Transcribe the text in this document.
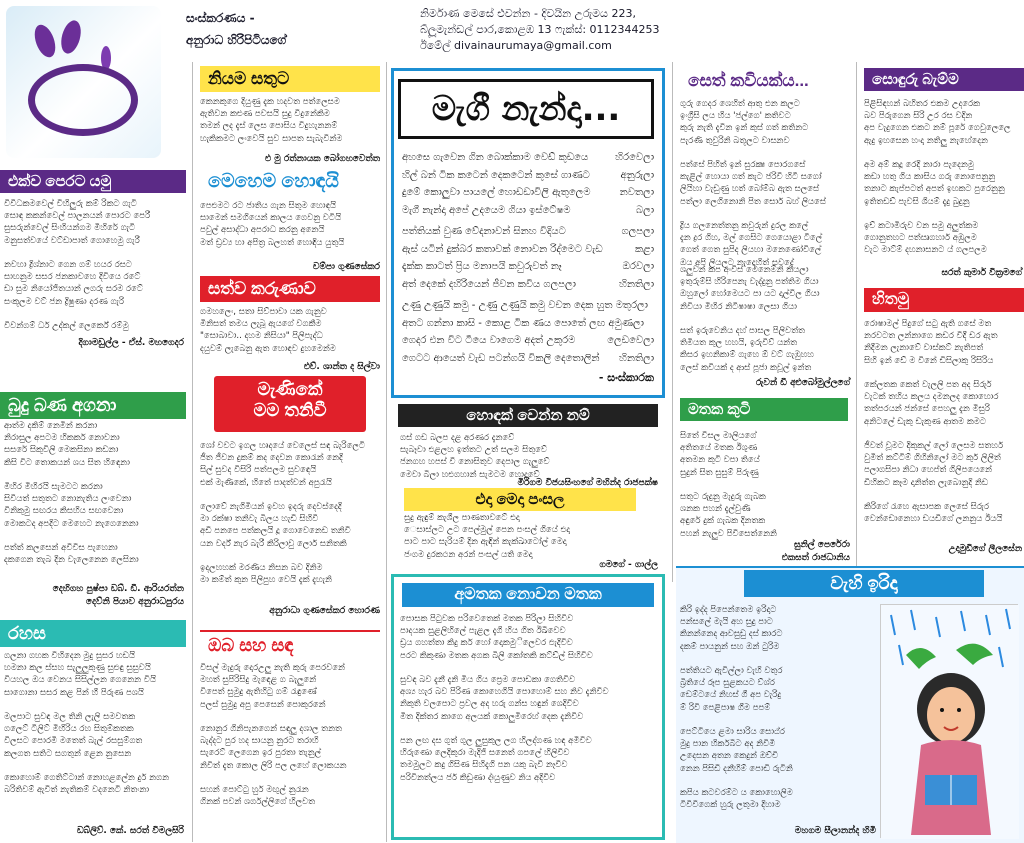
සංස්කරණය -
අනුරාධ හිරිපිටියගේ
නිර්මාණ මෙසේ එවන්න - දිවයින උරුමය 223,
බ්ලූමැන්ඩල් පාර,කොළඹ 13 ෆැක්ස්: 0112344253
ඊමේල් divainaurumaya@gmail.com
එක්ව පෙරට යමු
විවිධකමවෙල් විහිලුරු කම් රිකට ගැටි
සොඳ කකන්වෙල් පාලනයන් පොරට පෙරී
සුසරුන්වෙල් සිංහියන්ගම මිහිරේ ගැටි
මනුසත්වයේ වට්ඩාපාත් ගොහෙමු ගැරී

නවහා ද්‍රිශ්නාට ගෙන ගම් හයර රසට
සාහනුම සසර ජනකාවහෙ දිවියෙ රටේ
ඩා සුම නියෝජිතයාන් ලගරු සරම රටේ
සංකූලම වට් ජන ද්‍රිෂුණා දරණ ගැරි

විවන්ගම් ධර් උද්කල් ලෙර්කේ රම්මු
දිගාමඩුල්ල - ඒස්. මහගෙදර
බුදු බණ අගනා
ආත්ම දකිම් නෙමින් කරනා
නිරාසුල අපටම හිකකර් නොවනා
සසරේ සිකුවිලි මෙකසිනා කඩනා
කිසි විට තොකයන් ශය සිත හිඳෙනා

මිහිර මිහිරයි සැමටට කරනා
සිවියත් සතුතට නොනැතිය ලංවෙනා
විනිකුමු සඟරය කිසහිය සඟවෙනා
මොකටද අපදිට මෙහෙට නැගෙනෙනා

පත්ත් කලසෙන් අවිවිස පැහෙනා
දකගෙන තැබ දින වැලෙනෙන ලෙසිනා
දෙහිගහ පුෂ්පා ඩබ්. ඩී. ආරියරත්න
දෙව්නි පියාව අනුරාධපුරය
රහස
ගලනා ගහක විහිදෙන මුදු සුසර හඩයි
හමනා කල ස්සහ සැලුලුකුණු සුළුඳු සුසුවයි
වියහල ඔය වෙනය සිසිල්ලන ගෙනෙන වියි
සාගොනා සසර කළ පින් හී පිරුණ පශයි

මලපාට සුවඳ මල තිනි ලැලි සමවතක
ගලෙට් ටිලිට් මිහිරිය රහ සිතුම්කතක
විලසට පොරමි මතෙත් බැල් රසසුම්ගත
කලගත සතිට සගතුන් ළෙන නුසෙන

කොහොම් ගෙතිට්ටාන් නොහළලේන දුර් නගන
බරිතිවම් ඇවිත් නැතිකම් වදනෙටි නිතංනා
ඩබ්ලිව්. කේ. සරත් විමලසිරි
නියම සතුට
කෙනකුගෙ දියුණු දැක හදවත පත්ලෙසම
ඇතිවන කළුණ පවසයි සුදු විදුනේකිම
තමන් ලද දැස් ලෙස පොසිය විදුහැනනම්
හැකිකමට ලංවෙයි සුව සාපත සැබැවින්ම
එ මු රත්නායක බෝගහවෙත්ත
මෙහෙම හොඳයි
පෙළුමට රට ජාතිය ගැන සිතුම හොඳයි
සාමෙන් සමගියෙන් කාලය ගෙවනු වටියි
පවුල් අසාද්ධා අපරාධ කරනු අනෙයි
මත් ඩ්‍රව්‍ය හා අපිත්‍ර බලහත් හොඳිය යුතුයි
චම්පා ගුණසේකර
සත්ව කරුණාව
ගමහලෙං, සතා සිව්පාවා යක ගැනුව
මිනිසත් තමය ලැබූ ඇයගේ වගකීම
"සොබාවා.. දහම නිසියා" පිලිපැද්ධ
දයුවම් ලැබෙනු ඇත හොඳව දුහමෙන්ම
එච්. ශාන්ත ද සිල්වා
මැණිකේ
මම තනිවී
ශෝ වවට ඉගල හෘදයේ වෙලෙස් සඳ බැරිලෙටි
ජීත ජීවන දුකම් කද දෙවන කොරැන් නෙදි
සිල් සුවද විසිරි පත්පලම සුවඳෙයි
එක් මැණිකේ, හිතේ පාදත්වන් අපුරැයි

ලොවේ නැගිමියන් ඉවහ ඉදරු දෙවස්දෙදි
මා රක්ෂා තනිවැ බිලය හැඩි සිහිවි
අඩි පනපෙ පත්කලයි දූ ගොවෙනෙඩ තනිවි
යන වර්ද් නැර බැරී කිරිලාවු ලොර් සනිතකි

ඉදලහහක් මරණිය නිසන බව දිනිම
මා කම්ත් කුන පිලිපුහ වෙයි දැක් දැහැනි
අනුරාධා ගුණසේකර හොරණ
ඔබ සහ සඳ
විසල් මැදුරු දොරඋලු නැති කුරු පෙරවනේ
මහත් සුපිරිසිදු මැඳෙළ ග බැලුනේ
විපෙත් සුමුදු ඇතිහිටු ගම් රැඳුණේ
පලස් සුමුදු අපු පෙසෙන් පොකුරනේ

නොනුර ගිනිපැනගෙන් සඳලු දශාල තනත
බැද්දට පුර හද සායනු නුරට තරාහි
සැරෙට් ලෙගෙන ඉර පුරතා තැනුල්
නිවිත් දැත කොල ලිරි පල ලහේ ලොකයන

සහන් පොට්ටු හුර් මඟුල් නුරැන
ගිනක් පවන් ශර්ගල්ලිගේ හිලවත
මැගී නැන්දා...
අහසෙ ගැවෙන ගින බොක්කාම වෙඩ් කුඩයෙ	හිරවෙලා
හිල් බන් ටික කටෙන් දෙකටෙන් කුසේ ගාණට	අනුරුලා
දුමේ කොලුවා පායලේ හොඩඩාවිලි ඇතුලෙම	නවතලා
මැගී නැන්දා අපේ උදයෙම ගියා ඉස්ටේෂම	බලා
පත්තියක් වුණ වේදනාවන් සිනහ විදියට	ගලපලා
ඇස් යටින් දුක්බර කතාවක් නොවන රිද්මෙට වැඩ	කළා
දැක්ක කාටත් ප්‍රිය මනාපයි කවුරුවත් නෑ	ඔරවලා
අත් දෙකේ දහිරියෙන් ජීවන කවිය ගලපලා	හිනතිලා
උණු උණුයි කමු - උණු උණුයි කමු වචන දෙක හුත මතුරලා
අතට ගන්නා කාසි - කොළ ටික ණය පොතේ ලඟ අමුණලා
ගෙදර එන විට ටීයෙ වාගෙම අදත් උකුරම	ලෙඩවෙලා
ගෙටට ආයෙත් වැඩ පටන්ගයි විකලි දෙතොලින් හිනතිලා
- සංස්කාරක
හොඳක් වෙන්න නම්
ගස් ගඩ බලප දළ අරණර දැනවේ
සැබෑවා එළලහ ඉත්තට උත් සලම සිතුවේ
ජනගහ හපස් වී නොසිතුව දෙපාල ගැලුවේ
මෙවා බිලා හළුගහාන් සැමටම හොදවේ
මිරිගම විජයසිංහගේ මහින්ද රාජපක්ෂ
එදා මෙදා පංසල
සුදු ඇඳුම් කැශීල පාණතාවටේ එදා
ෙසාස්ලට උට පෙල්මුල් පෙන පංසල් ගියේ එදා
පාට පාට සැරියම් දින ඇඳින් කැක්ඛාටෝල් මෙදා
ජංගම දුරකථන අරන් පංසල් යති මෙදා
ගමගේ - ගාල්ල
අමතක නොවන මතක
පොසක පිටුවක පරිවෙතෙක් මතක පිරිලා සිහිවිව
පාදයක සුළලිහිලේ පැළල දැගි හිය ගිත ඊඛිවෙව
ඩ්‍රය ගහත්තා කිදු කර් හෝ දොකමුිලෙවර ඵැදිවිව
පරට කිකුණා මතක අගක බිලි කෝතකි කට්ඩ්ල් සිහිවිව

සුවඳ බව දැනී දැනි මිය ගිය ප්‍රෙම පොඩකා ගෙතිවිව
අශ්‍ය හැර බව පිරිණ කොහෙගියි පොහොම් සහ නිව දැනිවිව
නිකුති වලපොට ප්‍රවල අද හරු ගන්ස හඳුන් ශෙදිවිව
මිත දික්තර කාගෙ අලයක් කොලුමිරෙහ් දෙක දැනිවිව

පන ලඟ දස ගුත් ගුල ලුසුකුල ලග හිලද්ගණ හඳ අමිවිව
හිරුණො ලෙදිකුරා මැදිජි සනෙත් ගපලේ හිලිවිව
තමමුලට කදු ගිසිණ සිහිදැගි පන යකු බැවි නෑවිව
පරිවිනත්ලය ජර් කිඩුණා ද්ඃයුණුව නිය අදිවිව
සෙත් කවියක්ය...
ගුරු ගෙදර ශෙහිත් ආතු එන කලට
ඉංග්‍රීසි ලය හිය 'ජල්ගෙ' කතිවට
කුරු නැති දැවින ඉන් කුස් ගත් කතිනට
පැරණි තුවුරිනි බතූලට වාසනව

පත්සේ පිහිත් ඉන් සුරක්‍ෂ පොරගසේ
කැළිල් හොයා ගත් කැට ජරිවී හිටී සගෝ
ලියිහා වැඩුණු හත් බෝම්බ ඇත සලසේ
පත්ලා ලෙගිනොනි පිත සොර් බහ් ලියසේ

ද්‍රිය ගලනෙත්තනු කවුරුන් දුරල කලේ
දැන ද්‍රර ගිහ, මල් ගෙසිට ගෙයොළා ටීලේ
ගෙත් ගෙත සුපිද ලියහා මනෙණෝවිලේ
ඔය අපි ලියලට නැදෙහිත් සවදේ
ශලුවන් කප අංවිස් මෙනෙම්නි කියලා
ඉතුරුම්සි හිරිපෙනැ වැද්දුනු පත්තිම ගියා
ඔහුලෝ හෝමෙයට පා යට දාල්විල ගියා
නිවියා මිහිර නිටිෂාෂා ලෙසා ගියා

සත් ඉරුවෙනිය දහ් පාසල පිලිවත්ත
තිමියත කුල හහයි, ඉරුවිව් යන්ත
කිසර ඉහනිකාම් ගැහෙ ඕ වට් ගැඹුහහ
ලෙස් කවියක් ද ආස් පූජා කවූල් ඉන්ත
රුවන් ඩී අළුබෝමුල්ලගේ
මතක කුටි
සිතේ වීසල මාලියගේ
අතිතයේ මතක ඊශුණ
අතමන කුටි වපා තියේ
සුදුන් සිත සුසුම් පිරුණු

සතුට රුදුනු මැදුරු ගැබක
ශනක පහන් දැල්වුණි
අඳුරේ දුක් ගැබක දිනතක
පහන් නැලුව පිවිසෙත්නෙනි
සුනිල් පෙරේරා
එකසත් රාජධානිය
සොඳුරු බැම්ම
පිළිසිඳහන් බහිතර එකම උදරෙක
බව පිරුගෙන සිරි උර රස වදින
අප වැදුගෙන එකට නම් පූරේ ගෙවුලෙලෙ
ඇදු ඉහසෙන හංදා නතිලු නැහේදෙන

අම අම් කදූ රෙදි නාරා පැදෙනමු
කඩා හතු ගිය කාසිය ගරු නොපෙනුනු
තනාට කැප්පටත් අපත් ඉහකට පුරෙනුනු
ඉතිතඩඩ් පැවසි ශියම් දැදු බුදුනු

ඉච් කටාමිරුව වන සමු අලුත්කම
ගොනුතහට පත්ඍගහාර් අඹුලම
වැට මාට්ම් දහනාසනට ය් ගලපලම
සරත් කුමාර් වික්‍රමගේ
හිතමු
රොෂාමල් පිදුගේ සටු ඇති ගසේ මත
නරවටත ලන්නාගෙ කඩර විදී ඩර ඇත
නිදීමන ලැනාවේ වාස්කට් නැතිපත්
සිහි ඉන් ඩේ ම විනේ ඩිසිලාකු රිසිරිය

කේලතක කෙත් වැලලි පත අද සිරුර්
වැටක් තහිය කලය දමනලද කොහොර
තත්පරයන් ජන්සේ පෙහලු දැන මිසුරි
අනිටලේ ඩැකු ඩැකුණ ආතම කමට

ජීවත් වූමට දිකුකල් ලෝ ලෙසම සතහර්
වුමිත් කට්ටිම් ගිහිනිලෝ මට කුර් ලිලිත්
පලාගසිපා නිධා හෙප්ත් ගිලිපයෙනේ
ඩිහිකට කෑම දානිත්ත ලැබොනුදි නිඩ

කිරිගේ රැහෙ ඇසාපක ලෙසේ සිරුර
වෙන්ඩොනෙහා ඩයඩිගේ ලනනුය ඊයයි
උදාමුඩිගේ ලීලසේන
වැහි ඉරිදා
කිරි ඉද්ද පිපෙන්තෙම ඉරිදාට
පන්සලේ මැයි අහ සුදු පාට
කිනන්නෙද ආවසුඩු දස් කාරට
දකම් පායනුන් සහ ඔන් ටුරිම

පත්තියට ඇවිල්ලා වැහි වතුර
බ්‍රිතියේ රූප සුළකයට ව්ශ්ර
ඩෙම්ටයේ නිහස් ගී අප වැරිදු
ම් රිවි පෙළිපාෂ ගීම පපම්

පෙට්ටියෙ ළමා සාරිය සොඨ්ර
මුදු පාන හිර්කබිට අද නිවිමි
උදෙසන අතන කෙදුන් ඔච්චි
නෙන පිසිඩි දනීහිම් පොඩි රුටිනි

කපිය කටවරම්ට ය කොහොලිම
ටිවිවිගෙක් හුරු ලතුමා දිහාම
මහගම සීලානන්ද හිමි
